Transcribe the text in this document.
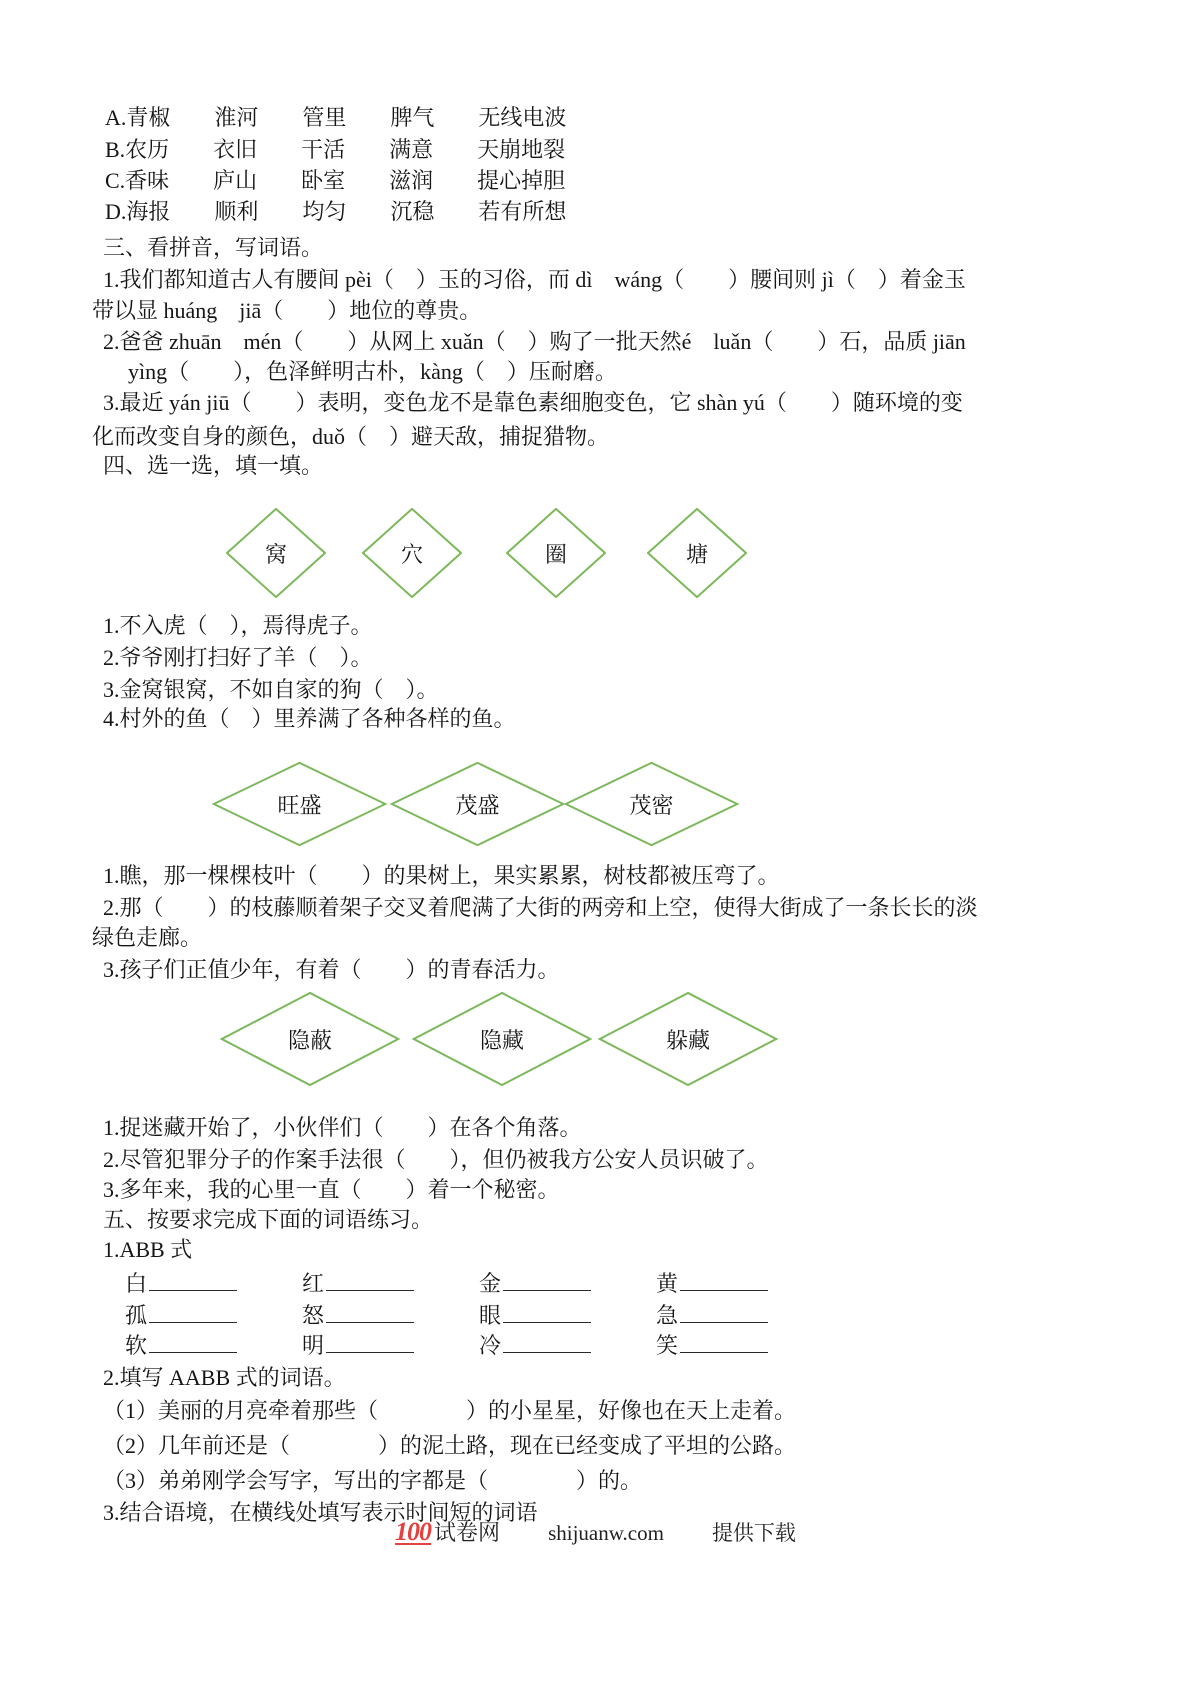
A.青椒　　淮河　　管里　　脾气　　无线电波
B.农历　　衣旧　　干活　　满意　　天崩地裂
C.香味　　庐山　　卧室　　滋润　　提心掉胆
D.海报　　顺利　　均匀　　沉稳　　若有所想
三、看拼音，写词语。
1.我们都知道古人有腰间 pèi（　）玉的习俗，而 dì　wáng（　　）腰间则 jì（　）着金玉
带以显 huáng　jiā（　　）地位的尊贵。
2.爸爸 zhuān　mén（　　）从网上 xuǎn（　）购了一批天然é　luǎn（　　）石，品质 jiān
yìng（　　），色泽鲜明古朴，kàng（　）压耐磨。
3.最近 yán jiū（　　）表明，变色龙不是靠色素细胞变色，它 shàn yú（　　）随环境的变
化而改变自身的颜色，duǒ（　）避天敌，捕捉猎物。
四、选一选，填一填。
窝	穴	圈	塘
1.不入虎（　），焉得虎子。
2.爷爷刚打扫好了羊（　）。
3.金窝银窝，不如自家的狗（　）。
4.村外的鱼（　）里养满了各种各样的鱼。
旺盛	茂盛	茂密
1.瞧，那一棵棵枝叶（　　）的果树上，果实累累，树枝都被压弯了。
2.那（　　）的枝藤顺着架子交叉着爬满了大街的两旁和上空，使得大街成了一条长长的淡
绿色走廊。
3.孩子们正值少年，有着（　　）的青春活力。
隐蔽	隐藏	躲藏
1.捉迷藏开始了，小伙伴们（　　）在各个角落。
2.尽管犯罪分子的作案手法很（　　），但仍被我方公安人员识破了。
3.多年来，我的心里一直（　　）着一个秘密。
五、按要求完成下面的词语练习。
1.ABB 式
白	红	金	黄
孤	怒	眼	急
软	明	冷	笑
2.填写 AABB 式的词语。
（1）美丽的月亮牵着那些（　　　　）的小星星，好像也在天上走着。
（2）几年前还是（　　　　）的泥土路，现在已经变成了平坦的公路。
（3）弟弟刚学会写字，写出的字都是（　　　　）的。
3.结合语境，在横线处填写表示时间短的词语
100 试卷网 shijuanw.com 提供下载
